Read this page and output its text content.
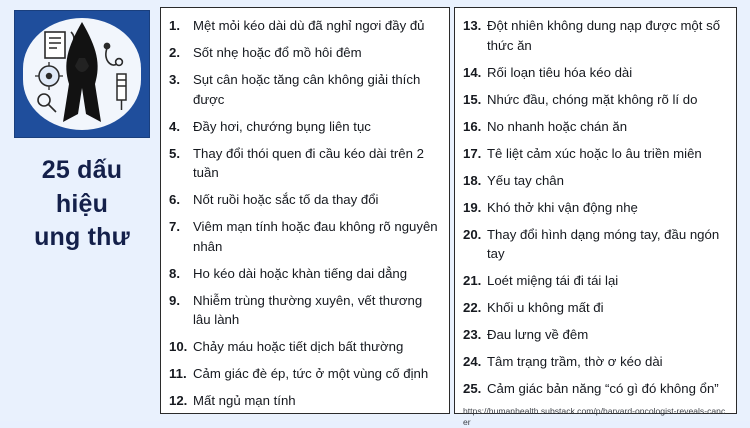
25 dấu
hiệu
ung thư
1. Mệt mỏi kéo dài dù đã nghỉ ngơi đầy đủ
2. Sốt nhẹ hoặc đổ mồ hôi đêm
3. Sụt cân hoặc tăng cân không giải thích được
4. Đầy hơi, chướng bụng liên tục
5. Thay đổi thói quen đi cầu kéo dài trên 2 tuần
6. Nốt ruồi hoặc sắc tố da thay đổi
7. Viêm mạn tính hoặc đau không rõ nguyên nhân
8. Ho kéo dài hoặc khàn tiếng dai dẳng
9. Nhiễm trùng thường xuyên, vết thương lâu lành
10. Chảy máu hoặc tiết dịch bất thường
11. Cảm giác đè ép, tức ở một vùng cố định
12. Mất ngủ mạn tính
13. Đột nhiên không dung nạp được một số thức ăn
14. Rối loạn tiêu hóa kéo dài
15. Nhức đầu, chóng mặt không rõ lí do
16. No nhanh hoặc chán ăn
17. Tê liệt cảm xúc hoặc lo âu triền miên
18. Yếu tay chân
19. Khó thở khi vận động nhẹ
20. Thay đổi hình dạng móng tay, đầu ngón tay
21. Loét miệng tái đi tái lại
22. Khối u không mất đi
23. Đau lưng về đêm
24. Tâm trạng trầm, thờ ơ kéo dài
25. Cảm giác bản năng “có gì đó không ổn”
https://humanhealth.substack.com/p/harvard-oncologist-reveals-cancer
